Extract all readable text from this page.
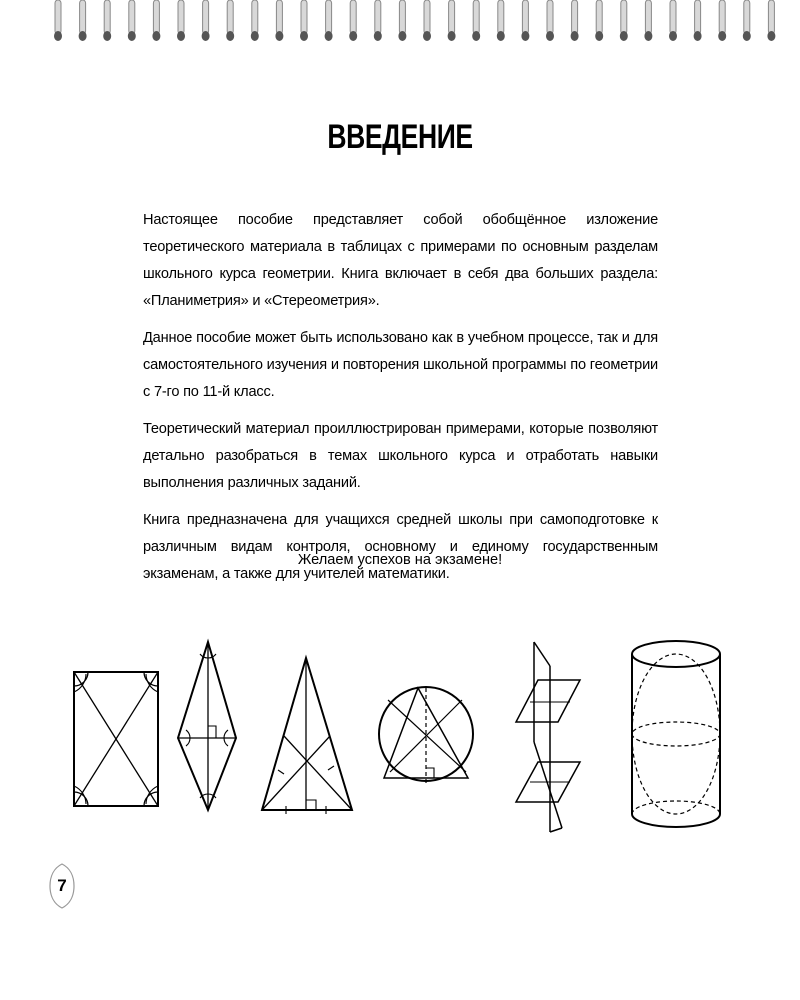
ВВЕДЕНИЕ

Настоящее пособие представляет собой обобщённое изложение теоретического материала в таблицах с примерами по основным разделам школьного курса геометрии. Книга включает в себя два больших раздела: «Планиметрия» и «Стереометрия».

Данное пособие может быть использовано как в учебном процессе, так и для самостоятельного изучения и повторения школьной программы по геометрии с 7-го по 11-й класс.

Теоретический материал проиллюстрирован примерами, которые позволяют детально разобраться в темах школьного курса и отработать навыки выполнения различных заданий.

Книга предназначена для учащихся средней школы при самоподготовке к различным видам контроля, основному и единому государственным экзаменам, а также для учителей математики.

Желаем успехов на экзамене!
7
